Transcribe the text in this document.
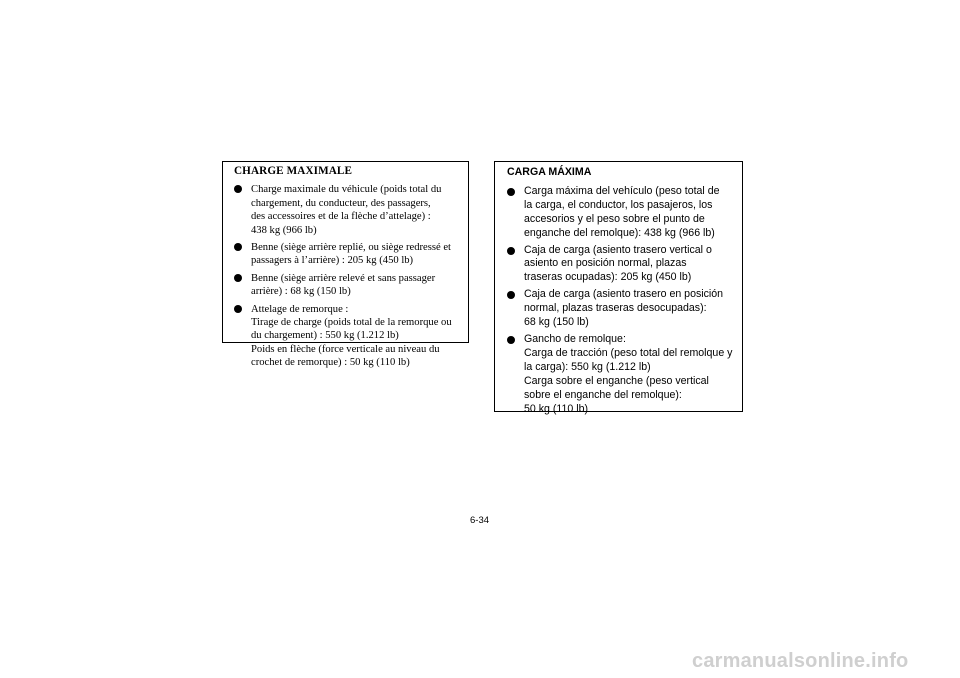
CHARGE MAXIMALE
Charge maximale du véhicule (poids total du
chargement, du conducteur, des passagers,
des accessoires et de la flèche d’attelage) :
438 kg (966 lb)
Benne (siège arrière replié, ou siège redressé et
passagers à l’arrière) : 205 kg (450 lb)
Benne (siège arrière relevé et sans passager
arrière) : 68 kg (150 lb)
Attelage de remorque :
Tirage de charge (poids total de la remorque ou
du chargement) : 550 kg (1.212 lb)
Poids en flèche (force verticale au niveau du
crochet de remorque) : 50 kg (110 lb)
CARGA MÁXIMA
Carga máxima del vehículo (peso total de
la carga, el conductor, los pasajeros, los
accesorios y el peso sobre el punto de
enganche del remolque): 438 kg (966 lb)
Caja de carga (asiento trasero vertical o
asiento en posición normal, plazas
traseras ocupadas): 205 kg (450 lb)
Caja de carga (asiento trasero en posición
normal, plazas traseras desocupadas):
68 kg (150 lb)
Gancho de remolque:
Carga de tracción (peso total del remolque y
la carga): 550 kg (1.212 lb)
Carga sobre el enganche (peso vertical
sobre el enganche del remolque):
50 kg (110 lb)
6-34
carmanualsonline.info
